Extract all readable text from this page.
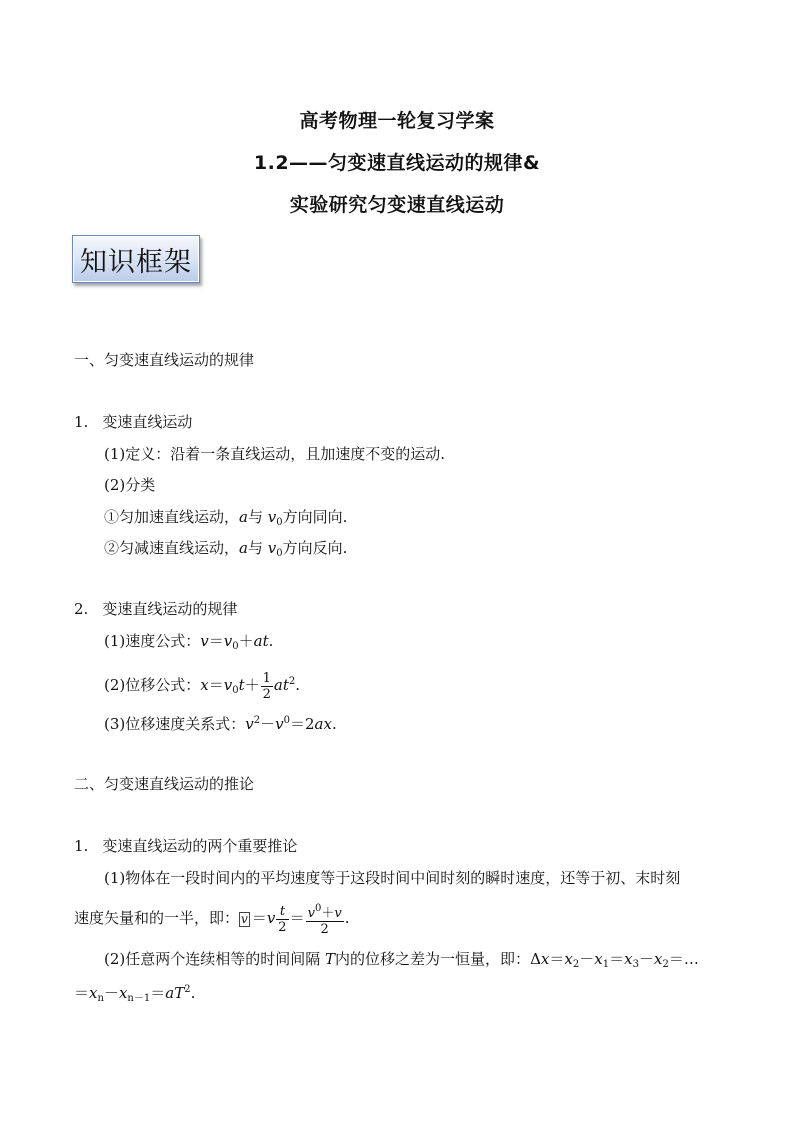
高考物理一轮复习学案
1.2——匀变速直线运动的规律&
实验研究匀变速直线运动
知识框架
一、匀变速直线运动的规律
1. 变速直线运动
(1)定义：沿着一条直线运动，且加速度不变的运动.
(2)分类
①匀加速直线运动，a与 $v_0$方向同向.
②匀减速直线运动，a与 $v_0$方向反向.
2. 变速直线运动的规律
(1)速度公式：$v=v_0+at$.
(2)位移公式：$x=v_0t+ \frac{1}{2} at^2$.
(3)位移速度关系式：$v^2-v^0=2ax$.
二、匀变速直线运动的推论
1. 变速直线运动的两个重要推论
(1)物体在一段时间内的平均速度等于这段时间中间时刻的瞬时速度，还等于初、末时刻
速度矢量和的一半，即： $v =v \frac{t}{2} = \frac{v^0+v}{2}$ .
(2)任意两个连续相等的时间间隔 T内的位移之差为一恒量，即：$\Delta x=x_2-x_1=x_3-x_2=\dots$
$=x_n-x_{n-1}=aT^2$.
